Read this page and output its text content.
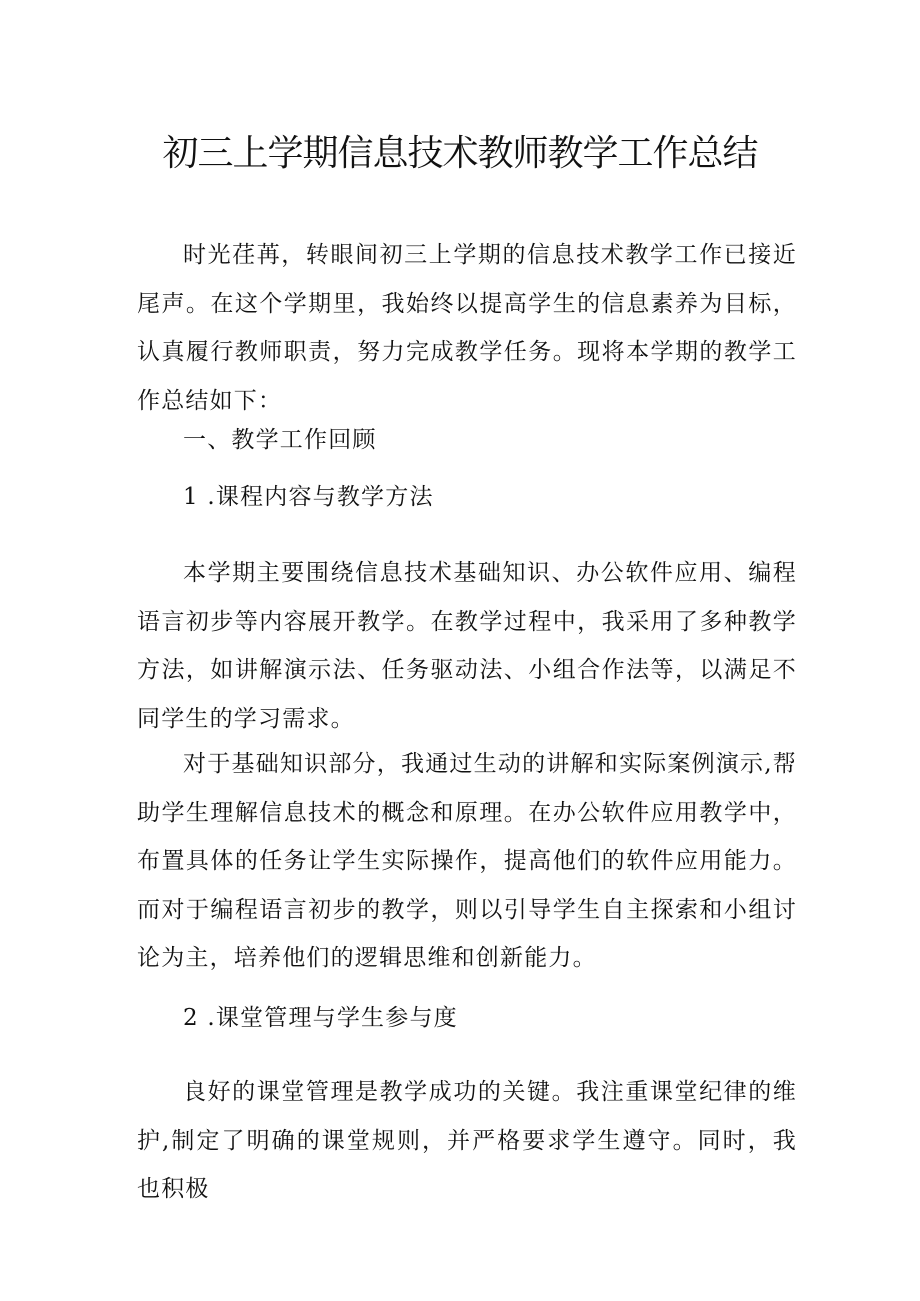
初三上学期信息技术教师教学工作总结

时光荏苒，转眼间初三上学期的信息技术教学工作已接近尾声。在这个学期里，我始终以提高学生的信息素养为目标，认真履行教师职责，努力完成教学任务。现将本学期的教学工作总结如下：

一、教学工作回顾

1 .课程内容与教学方法

本学期主要围绕信息技术基础知识、办公软件应用、编程语言初步等内容展开教学。在教学过程中，我采用了多种教学方法，如讲解演示法、任务驱动法、小组合作法等，以满足不同学生的学习需求。

对于基础知识部分，我通过生动的讲解和实际案例演示,帮助学生理解信息技术的概念和原理。在办公软件应用教学中，布置具体的任务让学生实际操作，提高他们的软件应用能力。而对于编程语言初步的教学，则以引导学生自主探索和小组讨论为主，培养他们的逻辑思维和创新能力。

2 .课堂管理与学生参与度

良好的课堂管理是教学成功的关键。我注重课堂纪律的维护,制定了明确的课堂规则，并严格要求学生遵守。同时，我也积极
